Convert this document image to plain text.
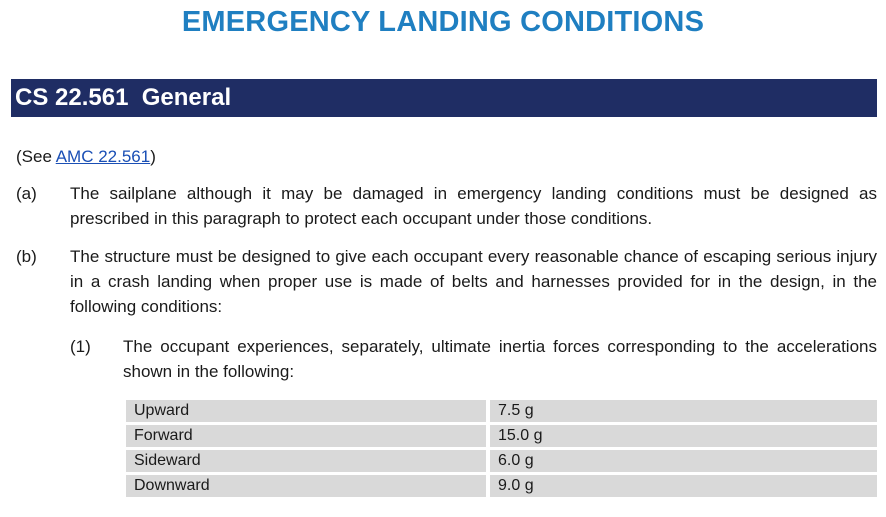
EMERGENCY LANDING CONDITIONS
CS 22.561  General
(See AMC 22.561)
(a) The sailplane although it may be damaged in emergency landing conditions must be designed as prescribed in this paragraph to protect each occupant under those conditions.
(b) The structure must be designed to give each occupant every reasonable chance of escaping serious injury in a crash landing when proper use is made of belts and harnesses provided for in the design, in the following conditions:
(1) The occupant experiences, separately, ultimate inertia forces corresponding to the accelerations shown in the following:
Upward	7.5 g
Forward	15.0 g
Sideward	6.0 g
Downward	9.0 g
